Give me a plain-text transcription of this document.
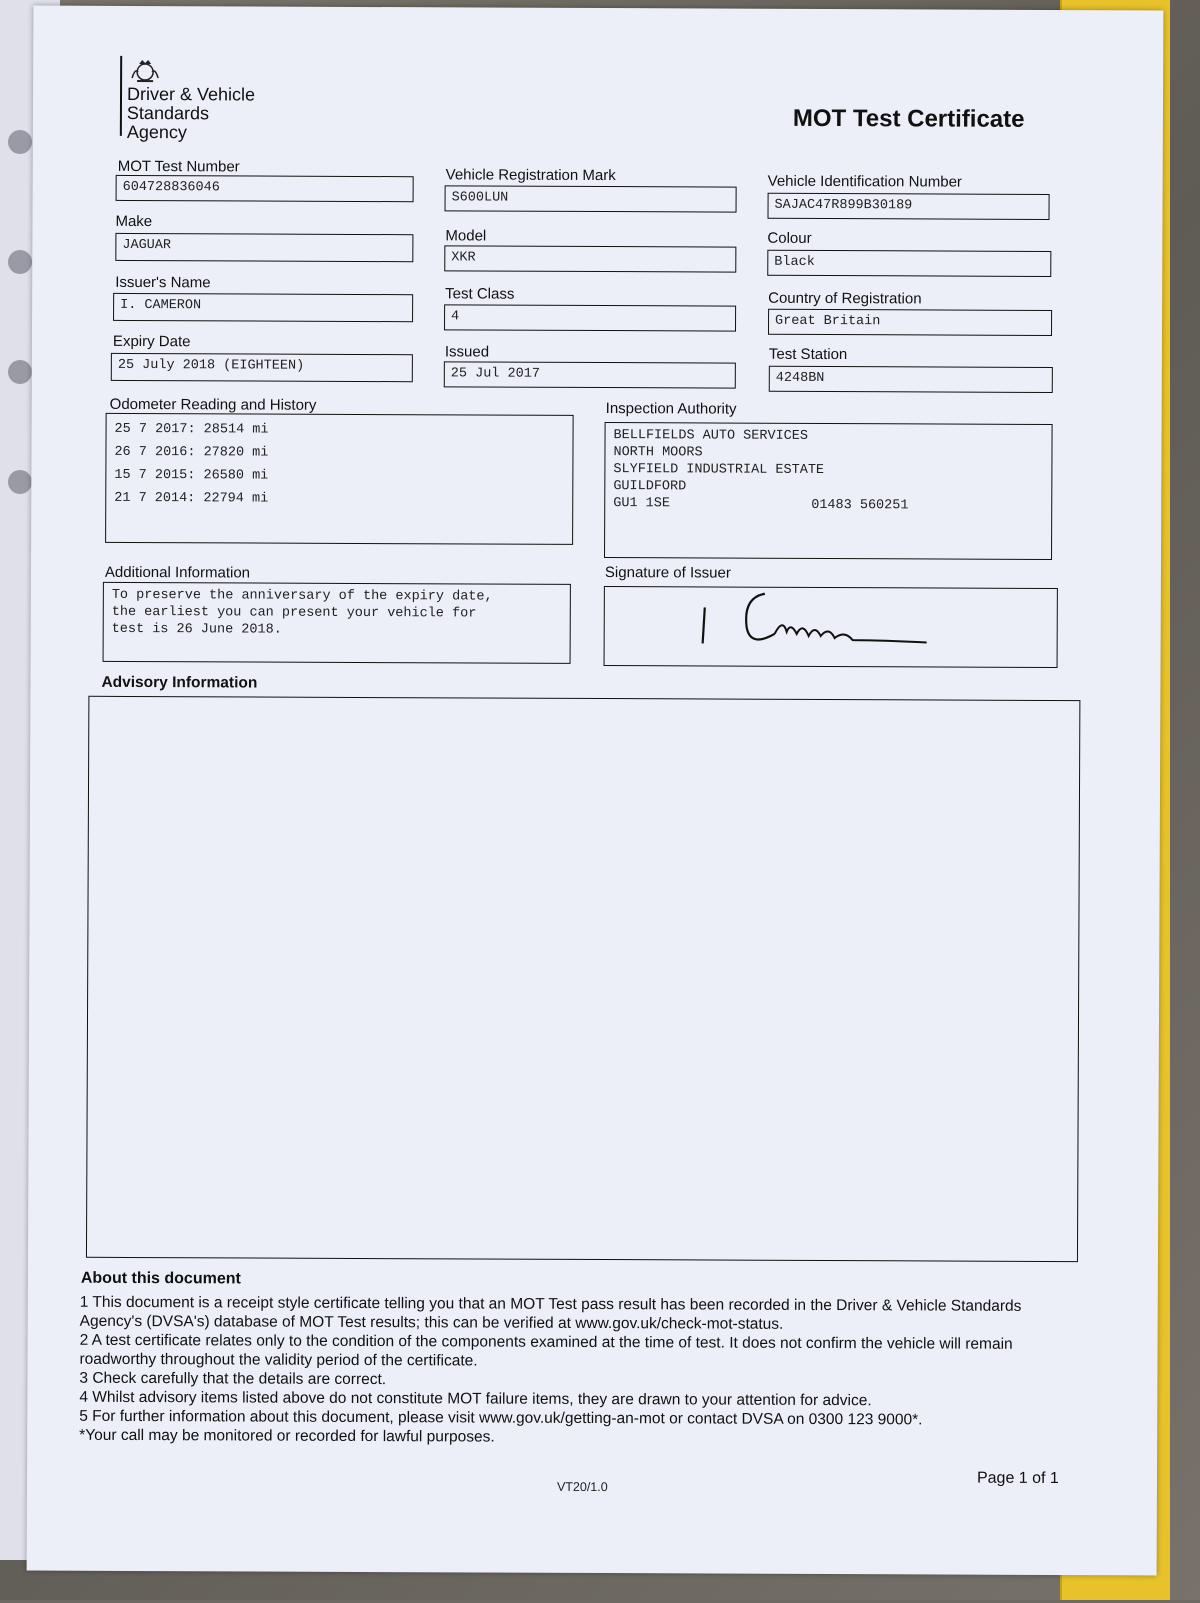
Driver & Vehicle
Standards
Agency	MOT Test Certificate
MOT Test Number
604728836046
Vehicle Registration Mark
S600LUN
Vehicle Identification Number
SAJAC47R899B30189
Make
JAGUAR
Model
XKR
Colour
Black
Issuer's Name
I. CAMERON
Test Class
4
Country of Registration
Great Britain
Expiry Date
25 July 2018 (EIGHTEEN)
Issued
25 Jul 2017
Test Station
4248BN
Odometer Reading and History
25 7 2017: 28514 mi
26 7 2016: 27820 mi
15 7 2015: 26580 mi
21 7 2014: 22794 mi
Inspection Authority
BELLFIELDS AUTO SERVICES
NORTH MOORS
SLYFIELD INDUSTRIAL ESTATE
GUILDFORD
GU1 1SE	01483 560251
Additional Information
To preserve the anniversary of the expiry date,
the earliest you can present your vehicle for
test is 26 June 2018.
Signature of Issuer
Advisory Information
About this document
1 This document is a receipt style certificate telling you that an MOT Test pass result has been recorded in the Driver & Vehicle Standards Agency's (DVSA's) database of MOT Test results; this can be verified at www.gov.uk/check-mot-status.
2 A test certificate relates only to the condition of the components examined at the time of test. It does not confirm the vehicle will remain roadworthy throughout the validity period of the certificate.
3 Check carefully that the details are correct.
4 Whilst advisory items listed above do not constitute MOT failure items, they are drawn to your attention for advice.
5 For further information about this document, please visit www.gov.uk/getting-an-mot or contact DVSA on 0300 123 9000*.
*Your call may be monitored or recorded for lawful purposes.
VT20/1.0	Page 1 of 1
